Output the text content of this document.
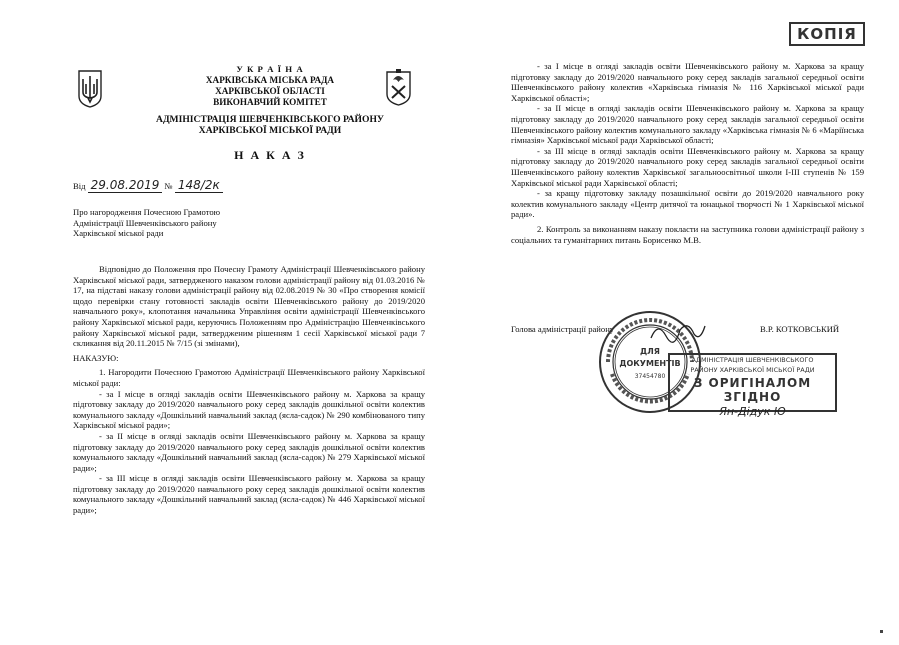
КОПІЯ
У К Р А Ї Н А
ХАРКІВСЬКА МІСЬКА РАДА
ХАРКІВСЬКОЇ ОБЛАСТІ
ВИКОНАВЧИЙ КОМІТЕТ
АДМІНІСТРАЦІЯ ШЕВЧЕНКІВСЬКОГО РАЙОНУ
ХАРКІВСЬКОЇ МІСЬКОЇ РАДИ
Н А К А З
Від 29.08.2019 № 148/2к

Про нагородження Почесною Грамотою

Адміністрації Шевченківського району

Харківської міської ради

Відповідно до Положення про Почесну Грамоту Адміністрації Шевченківського району Харківської міської ради, затвердженого наказом голови адміністрації району від 01.03.2016 № 17, на підставі наказу голови адміністрації району від 02.08.2019 № 30 «Про створення комісії щодо перевірки стану готовності закладів освіти Шевченківського району до 2019/2020 навчального року», клопотання начальника Управління освіти адміністрації Шевченківського району Харківської міської ради, керуючись Положенням про Адміністрацію Шевченківського району Харківської міської ради, затвердженим рішенням 1 сесії Харківської міської ради 7 скликання від 20.11.2015 № 7/15 (зі змінами),

НАКАЗУЮ:

1. Нагородити Почесною Грамотою Адміністрації Шевченківського району Харківської міської ради:

- за І місце в огляді закладів освіти Шевченківського району м. Харкова за кращу підготовку закладу до 2019/2020 навчального року серед закладів дошкільної освіти колектив комунального закладу «Дошкільний навчальний заклад (ясла-садок) № 290 комбінованого типу Харківської міської ради»;

- за ІІ місце в огляді закладів освіти Шевченківського району м. Харкова за кращу підготовку закладу до 2019/2020 навчального року серед закладів дошкільної освіти колектив комунального закладу «Дошкільний навчальний заклад (ясла-садок) № 279 Харківської міської ради»;

- за ІІІ місце в огляді закладів освіти Шевченківського району м. Харкова за кращу підготовку закладу до 2019/2020 навчального року серед закладів дошкільної освіти колектив комунального закладу «Дошкільний навчальний заклад (ясла-садок) № 446 Харківської міської ради»;

- за І місце в огляді закладів освіти Шевченківського району м. Харкова за кращу підготовку закладу до 2019/2020 навчального року серед закладів загальної середньої освіти Шевченківського району колектив «Харківська гімназія № 116 Харківської міської ради Харківської області»;

- за ІІ місце в огляді закладів освіти Шевченківського району м. Харкова за кращу підготовку закладу до 2019/2020 навчального року серед закладів загальної середньої освіти Шевченківського району колектив комунального закладу «Харківська гімназія № 6 «Маріїнська гімназія» Харківської міської ради Харківської області;

- за ІІІ місце в огляді закладів освіти Шевченківського району м. Харкова за кращу підготовку закладу до 2019/2020 навчального року серед закладів загальної середньої освіти Шевченківського району колектив Харківської загальноосвітньої школи І-ІІІ ступенів № 159 Харківської міської ради Харківської області;

- за кращу підготовку закладу позашкільної освіти до 2019/2020 навчального року колектив комунального закладу «Центр дитячої та юнацької творчості № 1 Харківської міської ради».

2. Контроль за виконанням наказу покласти на заступника голови адміністрації району з соціальних та гуманітарних питань Борисенко М.В.

Голова адміністрації району	В.Р. КОТКОВСЬКИЙ
ДЛЯ
ДОКУМЕНТІВ
37454780
АДМІНІСТРАЦІЯ ШЕВЧЕНКІВСЬКОГО
РАЙОНУ ХАРКІВСЬКОЇ МІСЬКОЇ РАДИ
З ОРИГІНАЛОМ ЗГІДНО
Ян-Дідук Ю
